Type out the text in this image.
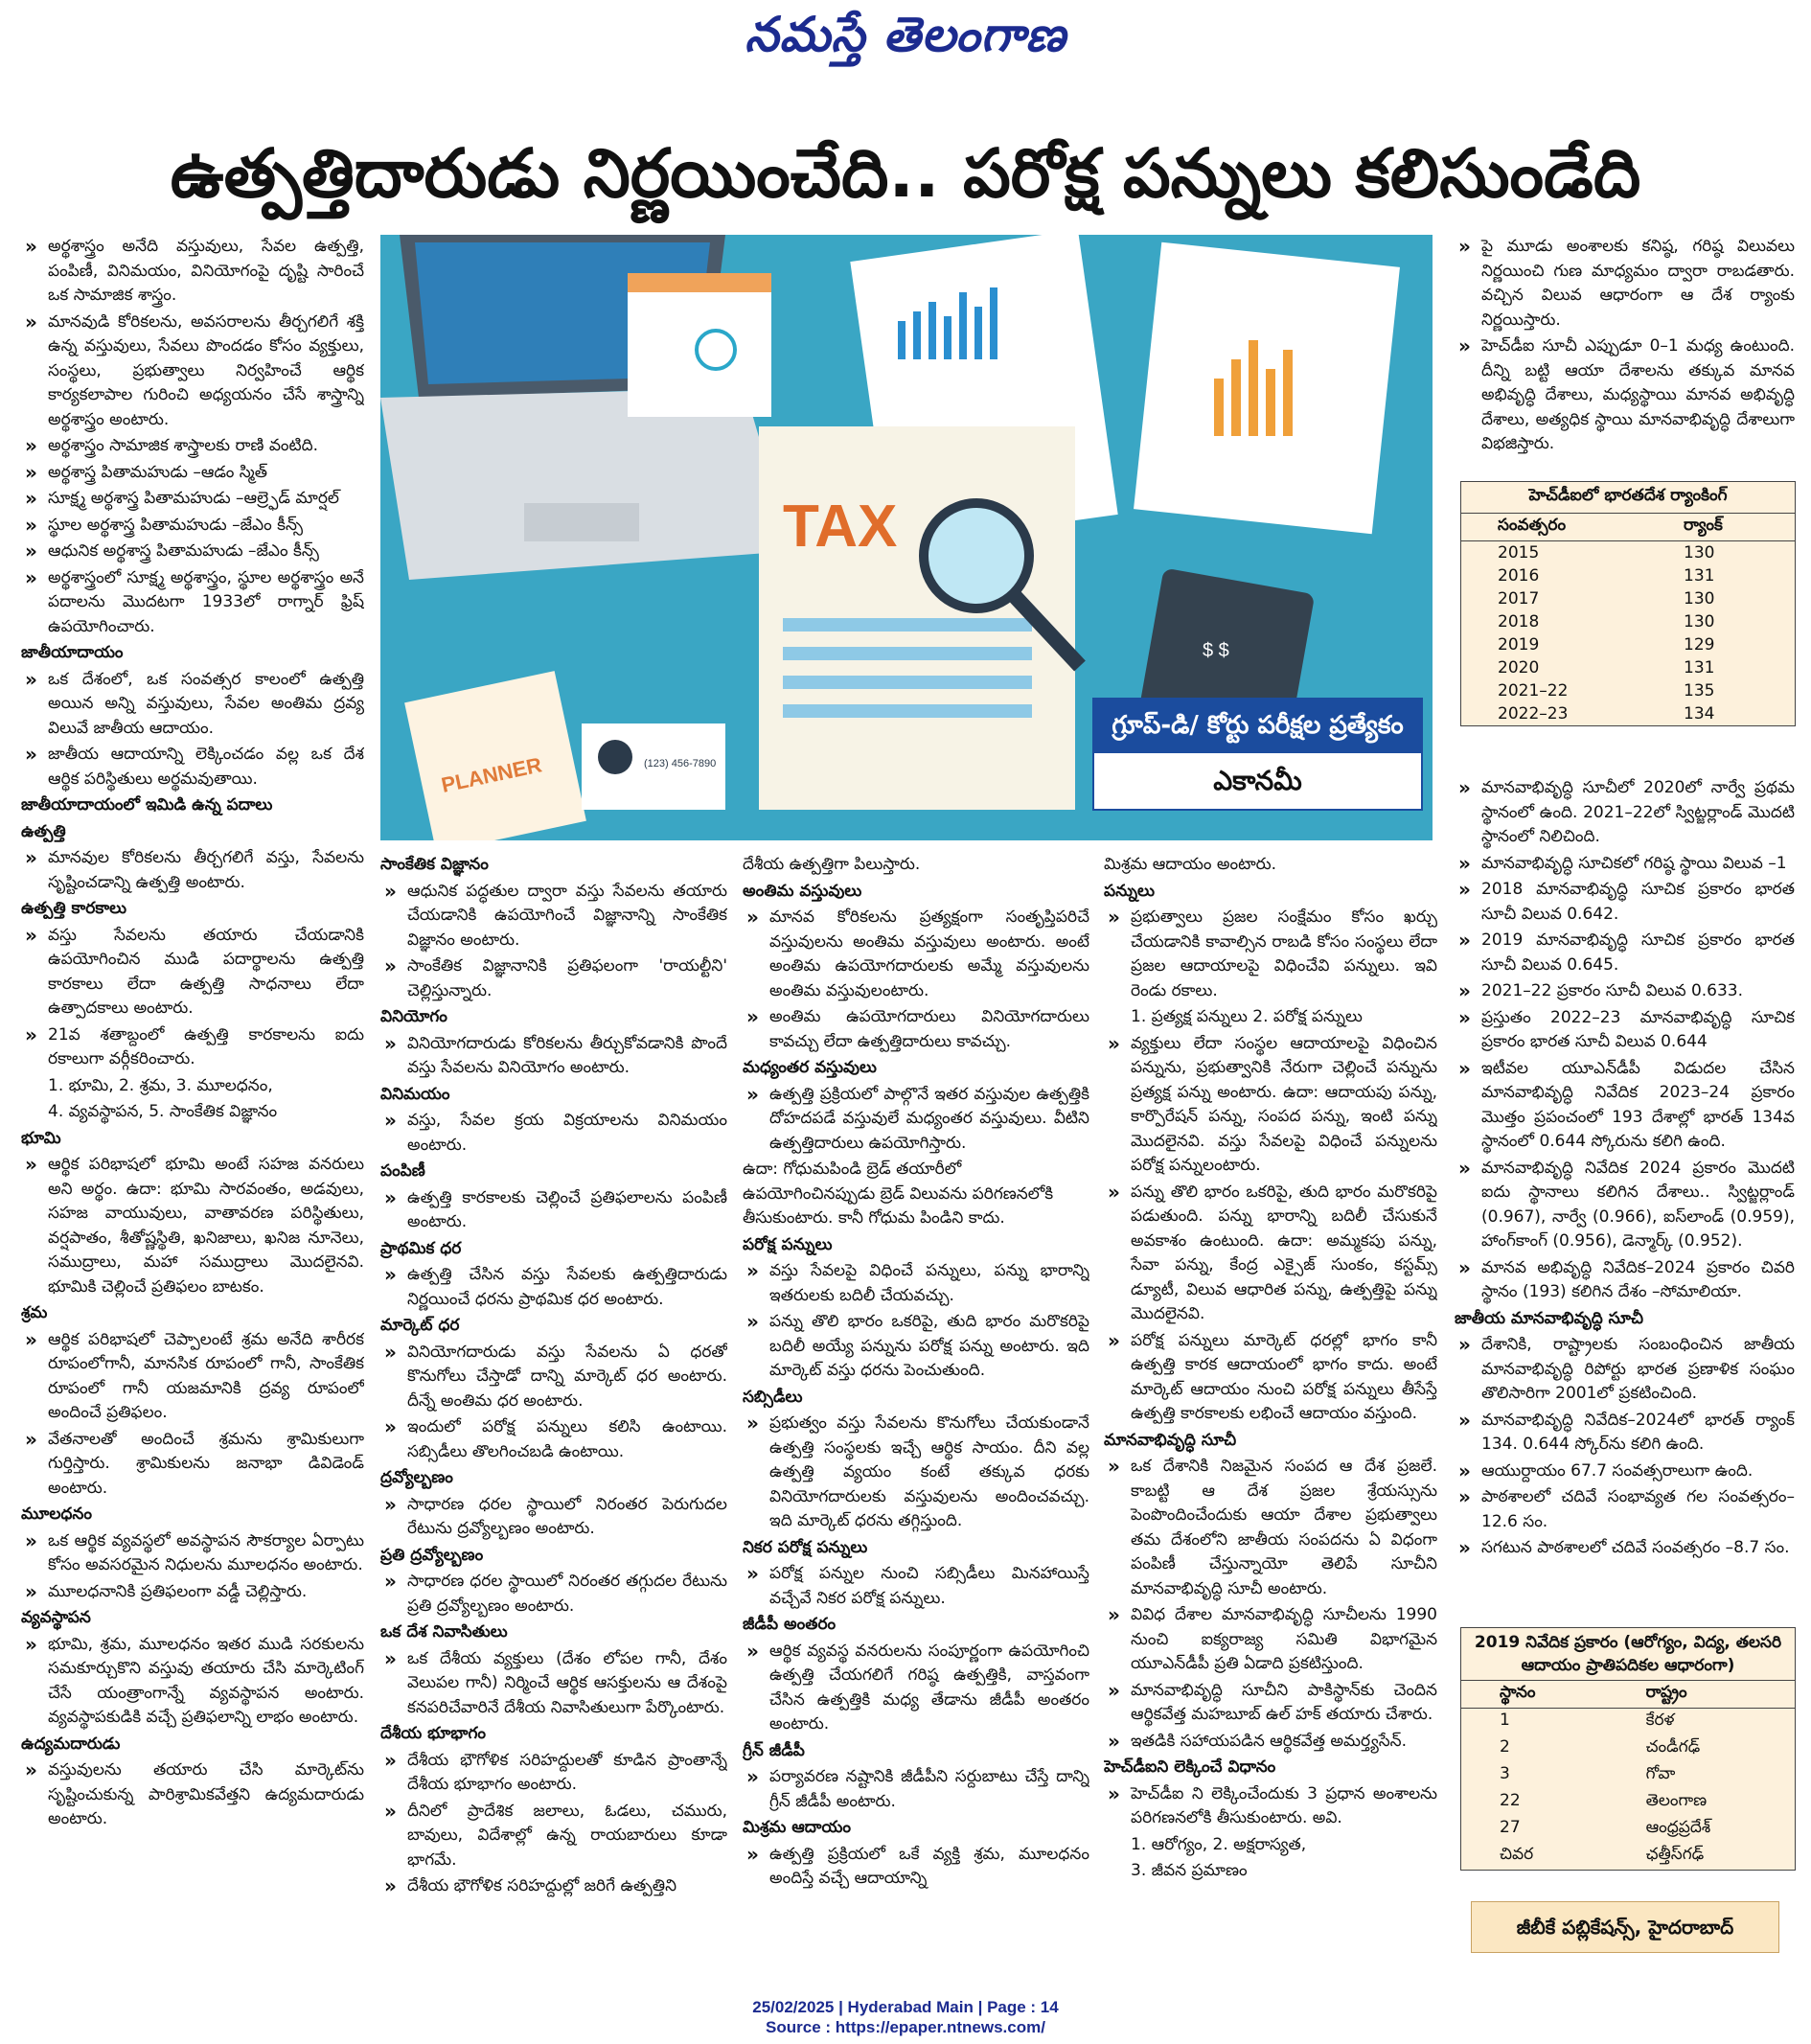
నమస్తే తెలంగాణ
ఉత్పత్తిదారుడు నిర్ణయించేది.. పరోక్ష పన్నులు కలిసుండేది

» అర్థశాస్త్రం అనేది వస్తువులు, సేవల ఉత్పత్తి, పంపిణీ, వినిమయం, వినియోగంపై దృష్టి సారించే ఒక సామాజిక శాస్త్రం.

» మానవుడి కోరికలను, అవసరాలను తీర్చగలిగే శక్తి ఉన్న వస్తువులు, సేవలు పొందడం కోసం వ్యక్తులు, సంస్థలు, ప్రభుత్వాలు నిర్వహించే ఆర్థిక కార్యకలాపాల గురించి అధ్యయనం చేసే శాస్త్రాన్ని అర్థశాస్త్రం అంటారు.

» అర్థశాస్త్రం సామాజిక శాస్త్రాలకు రాణి వంటిది.

» అర్థశాస్త్ర పితామహుడు –ఆడం స్మిత్‌

» సూక్ష్మ అర్థశాస్త్ర పితామహుడు –ఆల్ర్ఫెడ్‌ మార్షల్‌

» స్థూల అర్థశాస్త్ర పితామహుడు –జేఎం కీన్స్‌

» ఆధునిక అర్థశాస్త్ర పితామహుడు –జేఎం కీన్స్‌

» అర్థశాస్త్రంలో సూక్ష్మ అర్థశాస్త్రం, స్థూల అర్థశాస్త్రం అనే పదాలను మొదటగా 1933లో రాగ్నార్‌ ఫ్రిష్‌ ఉపయోగించారు.

జాతీయాదాయం

» ఒక దేశంలో, ఒక సంవత్సర కాలంలో ఉత్పత్తి అయిన అన్ని వస్తువులు, సేవల అంతిమ ద్రవ్య విలువే జాతీయ ఆదాయం.

» జాతీయ ఆదాయాన్ని లెక్కించడం వల్ల ఒక దేశ ఆర్థిక పరిస్థితులు అర్థమవుతాయి.

జాతీయాదాయంలో ఇమిడి ఉన్న పదాలు

ఉత్పత్తి

» మానవుల కోరికలను తీర్చగలిగే వస్తు, సేవలను సృష్టించడాన్ని ఉత్పత్తి అంటారు.

ఉత్పత్తి కారకాలు

» వస్తు సేవలను తయారు చేయడానికి ఉపయోగించిన ముడి పదార్థాలను ఉత్పత్తి కారకాలు లేదా ఉత్పత్తి సాధనాలు లేదా ఉత్పాదకాలు అంటారు.

» 21వ శతాబ్దంలో ఉత్పత్తి కారకాలను ఐదు రకాలుగా వర్గీకరించారు.

1. భూమి, 2. శ్రమ, 3. మూలధనం,

4. వ్యవస్థాపన, 5. సాంకేతిక విజ్ఞానం

భూమి

» ఆర్థిక పరిభాషలో భూమి అంటే సహజ వనరులు అని అర్థం. ఉదా: భూమి సారవంతం, అడవులు, సహజ వాయువులు, వాతావరణ పరిస్థితులు, వర్షపాతం, శీతోష్ణస్థితి, ఖనిజాలు, ఖనిజ నూనెలు, సముద్రాలు, మహా సముద్రాలు మొదలైనవి. భూమికి చెల్లించే ప్రతిఫలం బాటకం.

శ్రమ

» ఆర్థిక పరిభాషలో చెప్పాలంటే శ్రమ అనేది శారీరక రూపంలోగానీ, మానసిక రూపంలో గానీ, సాంకేతిక రూపంలో గానీ యజమానికి ద్రవ్య రూపంలో అందించే ప్రతిఫలం.

» వేతనాలతో అందించే శ్రమను శ్రామికులుగా గుర్తిస్తారు. శ్రామికులను జనాభా డివిడెండ్‌ అంటారు.

మూలధనం

» ఒక ఆర్థిక వ్యవస్థలో అవస్థాపన సౌకర్యాల ఏర్పాటు కోసం అవసరమైన నిధులను మూలధనం అంటారు.

» మూలధనానికి ప్రతిఫలంగా వడ్డీ చెల్లిస్తారు.

వ్యవస్థాపన

» భూమి, శ్రమ, మూలధనం ఇతర ముడి సరకులను సమకూర్చుకొని వస్తువు తయారు చేసి మార్కెటింగ్‌ చేసే యంత్రాంగాన్నే వ్యవస్థాపన అంటారు. వ్యవస్థాపకుడికి వచ్చే ప్రతిఫలాన్ని లాభం అంటారు.

ఉద్యమదారుడు

» వస్తువులను తయారు చేసి మార్కెట్‌ను సృష్టించుకున్న పారిశ్రామికవేత్తని ఉద్యమదారుడు అంటారు.

TAX
$ $
PLANNER	(123) 456-7890
గ్రూప్‌-డి/ కోర్టు పరీక్షల ప్రత్యేకం
ఎకానమీ

సాంకేతిక విజ్ఞానం

» ఆధునిక పద్ధతుల ద్వారా వస్తు సేవలను తయారు చేయడానికి ఉపయోగించే విజ్ఞానాన్ని సాంకేతిక విజ్ఞానం అంటారు.

» సాంకేతిక విజ్ఞానానికి ప్రతిఫలంగా 'రాయల్టీని' చెల్లిస్తున్నారు.

వినియోగం

» వినియోగదారుడు కోరికలను తీర్చుకోవడానికి పొందే వస్తు సేవలను వినియోగం అంటారు.

వినిమయం

» వస్తు, సేవల క్రయ విక్రయాలను వినిమయం అంటారు.

పంపిణీ

» ఉత్పత్తి కారకాలకు చెల్లించే ప్రతిఫలాలను పంపిణీ అంటారు.

ప్రాథమిక ధర

» ఉత్పత్తి చేసిన వస్తు సేవలకు ఉత్పత్తిదారుడు నిర్ణయించే ధరను ప్రాథమిక ధర అంటారు.

మార్కెట్‌ ధర

» వినియోగదారుడు వస్తు సేవలను ఏ ధరతో కొనుగోలు చేస్తాడో దాన్ని మార్కెట్‌ ధర అంటారు. దీన్నే అంతిమ ధర అంటారు.

» ఇందులో పరోక్ష పన్నులు కలిసి ఉంటాయి. సబ్సిడీలు తొలగించబడి ఉంటాయి.

ద్రవ్యోల్బణం

» సాధారణ ధరల స్థాయిలో నిరంతర పెరుగుదల రేటును ద్రవ్యోల్బణం అంటారు.

ప్రతి ద్రవ్యోల్బణం

» సాధారణ ధరల స్థాయిలో నిరంతర తగ్గుదల రేటును ప్రతి ద్రవ్యోల్బణం అంటారు.

ఒక దేశ నివాసితులు

» ఒక దేశీయ వ్యక్తులు (దేశం లోపల గానీ, దేశం వెలుపల గానీ) నిర్మించే ఆర్థిక ఆసక్తులను ఆ దేశంపై కనపరిచేవారినే దేశీయ నివాసితులుగా పేర్కొంటారు.

దేశీయ భూభాగం

» దేశీయ భౌగోళిక సరిహద్దులతో కూడిన ప్రాంతాన్నే దేశీయ భూభాగం అంటారు.

» దీనిలో ప్రాదేశిక జలాలు, ఓడలు, చమురు, బావులు, విదేశాల్లో ఉన్న రాయబారులు కూడా భాగమే.

» దేశీయ భౌగోళిక సరిహద్దుల్లో జరిగే ఉత్పత్తిని

దేశీయ ఉత్పత్తిగా పిలుస్తారు.

అంతిమ వస్తువులు

» మానవ కోరికలను ప్రత్యక్షంగా సంతృప్తిపరిచే వస్తువులను అంతిమ వస్తువులు అంటారు. అంటే అంతిమ ఉపయోగదారులకు అమ్మే వస్తువులను అంతిమ వస్తువులంటారు.

» అంతిమ ఉపయోగదారులు వినియోగదారులు కావచ్చు లేదా ఉత్పత్తిదారులు కావచ్చు.

మధ్యంతర వస్తువులు

» ఉత్పత్తి ప్రక్రియలో పాల్గొనే ఇతర వస్తువుల ఉత్పత్తికి దోహదపడే వస్తువులే మధ్యంతర వస్తువులు. వీటిని ఉత్పత్తిదారులు ఉపయోగిస్తారు.

ఉదా: గోధుమపిండి బ్రెడ్‌ తయారీలో ఉపయోగించినప్పుడు బ్రెడ్‌ విలువను పరిగణనలోకి తీసుకుంటారు. కానీ గోధుమ పిండిని కాదు.

పరోక్ష పన్నులు

» వస్తు సేవలపై విధించే పన్నులు, పన్ను భారాన్ని ఇతరులకు బదిలీ చేయవచ్చు.

» పన్ను తొలి భారం ఒకరిపై, తుది భారం మరొకరిపై బదిలీ అయ్యే పన్నును పరోక్ష పన్ను అంటారు. ఇది మార్కెట్‌ వస్తు ధరను పెంచుతుంది.

సబ్సిడీలు

» ప్రభుత్వం వస్తు సేవలను కొనుగోలు చేయకుండానే ఉత్పత్తి సంస్థలకు ఇచ్చే ఆర్థిక సాయం. దీని వల్ల ఉత్పత్తి వ్యయం కంటే తక్కువ ధరకు వినియోగదారులకు వస్తువులను అందించవచ్చు. ఇది మార్కెట్‌ ధరను తగ్గిస్తుంది.

నికర పరోక్ష పన్నులు

» పరోక్ష పన్నుల నుంచి సబ్సిడీలు మినహాయిస్తే వచ్చేవే నికర పరోక్ష పన్నులు.

జీడీపీ అంతరం

» ఆర్థిక వ్యవస్థ వనరులను సంపూర్ణంగా ఉపయోగించి ఉత్పత్తి చేయగలిగే గరిష్ఠ ఉత్పత్తికి, వాస్తవంగా చేసిన ఉత్పత్తికి మధ్య తేడాను జీడీపీ అంతరం అంటారు.

గ్రీన్‌ జీడీపీ

» పర్యావరణ నష్టానికి జీడీపీని సర్దుబాటు చేస్తే దాన్ని గ్రీన్‌ జీడీపీ అంటారు.

మిశ్రమ ఆదాయం

» ఉత్పత్తి ప్రక్రియలో ఒకే వ్యక్తి శ్రమ, మూలధనం అందిస్తే వచ్చే ఆదాయాన్ని

మిశ్రమ ఆదాయం అంటారు.

పన్నులు

» ప్రభుత్వాలు ప్రజల సంక్షేమం కోసం ఖర్చు చేయడానికి కావాల్సిన రాబడి కోసం సంస్థలు లేదా ప్రజల ఆదాయాలపై విధించేవి పన్నులు. ఇవి రెండు రకాలు.

1. ప్రత్యక్ష పన్నులు 2. పరోక్ష పన్నులు

» వ్యక్తులు లేదా సంస్థల ఆదాయాలపై విధించిన పన్నును, ప్రభుత్వానికి నేరుగా చెల్లించే పన్నును ప్రత్యక్ష పన్ను అంటారు. ఉదా: ఆదాయపు పన్ను, కార్పొరేషన్‌ పన్ను, సంపద పన్ను, ఇంటి పన్ను మొదలైనవి. వస్తు సేవలపై విధించే పన్నులను పరోక్ష పన్నులంటారు.

» పన్ను తొలి భారం ఒకరిపై, తుది భారం మరొకరిపై పడుతుంది. పన్ను భారాన్ని బదిలీ చేసుకునే అవకాశం ఉంటుంది. ఉదా: అమ్మకపు పన్ను, సేవా పన్ను, కేంద్ర ఎక్సైజ్‌ సుంకం, కస్టమ్స్‌ డ్యూటీ, విలువ ఆధారిత పన్ను, ఉత్పత్తిపై పన్ను మొదలైనవి.

» పరోక్ష పన్నులు మార్కెట్‌ ధరల్లో భాగం కానీ ఉత్పత్తి కారక ఆదాయంలో భాగం కాదు. అంటే మార్కెట్‌ ఆదాయం నుంచి పరోక్ష పన్నులు తీసేస్తే ఉత్పత్తి కారకాలకు లభించే ఆదాయం వస్తుంది.

మానవాభివృద్ధి సూచీ

» ఒక దేశానికి నిజమైన సంపద ఆ దేశ ప్రజలే. కాబట్టి ఆ దేశ ప్రజల శ్రేయస్సును పెంపొందించేందుకు ఆయా దేశాల ప్రభుత్వాలు తమ దేశంలోని జాతీయ సంపదను ఏ విధంగా పంపిణీ చేస్తున్నాయో తెలిపే సూచీని మానవాభివృద్ధి సూచీ అంటారు.

» వివిధ దేశాల మానవాభివృద్ధి సూచీలను 1990 నుంచి ఐక్యరాజ్య సమితి విభాగమైన యూఎన్‌డీపీ ప్రతి ఏడాది ప్రకటిస్తుంది.

» మానవాభివృద్ధి సూచీని పాకిస్థాన్‌కు చెందిన ఆర్థికవేత్త మహబూబ్‌ ఉల్‌ హక్‌ తయారు చేశారు.

» ఇతడికి సహాయపడిన ఆర్థికవేత్త అమర్త్యసేన్‌.

హెచ్‌డీఐని లెక్కించే విధానం

» హెచ్‌డీఐ ని లెక్కించేందుకు 3 ప్రధాన అంశాలను పరిగణనలోకి తీసుకుంటారు. అవి.

1. ఆరోగ్యం, 2. అక్షరాస్యత,

3. జీవన ప్రమాణం

» పై మూడు అంశాలకు కనిష్ఠ, గరిష్ఠ విలువలు నిర్ణయించి గుణ మాధ్యమం ద్వారా రాబడతారు. వచ్చిన విలువ ఆధారంగా ఆ దేశ ర్యాంకు నిర్ణయిస్తారు.

» హెచ్‌డీఐ సూచీ ఎప్పుడూ 0–1 మధ్య ఉంటుంది. దీన్ని బట్టి ఆయా దేశాలను తక్కువ మానవ అభివృద్ధి దేశాలు, మధ్యస్థాయి మానవ అభివృద్ధి దేశాలు, అత్యధిక స్థాయి మానవాభివృద్ధి దేశాలుగా విభజిస్తారు.

హెచ్‌డీఐలో భారతదేశ ర్యాంకింగ్‌
సంవత్సరం	ర్యాంక్‌
2015	130
2016	131
2017	130
2018	130
2019	129
2020	131
2021–22	135
2022–23	134

» మానవాభివృద్ధి సూచీలో 2020లో నార్వే ప్రథమ స్థానంలో ఉంది. 2021–22లో స్విట్జర్లాండ్‌ మొదటి స్థానంలో నిలిచింది.

» మానవాభివృద్ధి సూచికలో గరిష్ఠ స్థాయి విలువ –1

» 2018 మానవాభివృద్ధి సూచిక ప్రకారం భారత సూచీ విలువ 0.642.

» 2019 మానవాభివృద్ధి సూచిక ప్రకారం భారత సూచీ విలువ 0.645.

» 2021–22 ప్రకారం సూచీ విలువ 0.633.

» ప్రస్తుతం 2022–23 మానవాభివృద్ధి సూచిక ప్రకారం భారత సూచీ విలువ 0.644

» ఇటీవల యూఎన్‌డీపీ విడుదల చేసిన మానవాభివృద్ధి నివేదిక 2023–24 ప్రకారం మొత్తం ప్రపంచంలో 193 దేశాల్లో భారత్‌ 134వ స్థానంలో 0.644 స్కోరును కలిగి ఉంది.

» మానవాభివృద్ధి నివేదిక 2024 ప్రకారం మొదటి ఐదు స్థానాలు కలిగిన దేశాలు.. స్విట్జర్లాండ్‌ (0.967), నార్వే (0.966), ఐస్‌లాండ్‌ (0.959), హాంగ్‌కాంగ్‌ (0.956), డెన్మార్క్‌ (0.952).

» మానవ అభివృద్ధి నివేదిక–2024 ప్రకారం చివరి స్థానం (193) కలిగిన దేశం –సోమాలియా.

జాతీయ మానవాభివృద్ధి సూచీ

» దేశానికి, రాష్ట్రాలకు సంబంధించిన జాతీయ మానవాభివృద్ధి రిపోర్టు భారత ప్రణాళిక సంఘం తొలిసారిగా 2001లో ప్రకటించింది.

» మానవాభివృద్ధి నివేదిక–2024లో భారత్‌ ర్యాంక్‌ 134. 0.644 స్కోర్‌ను కలిగి ఉంది.

» ఆయుర్దాయం 67.7 సంవత్సరాలుగా ఉంది.

» పాఠశాలలో చదివే సంభావ్యత గల సంవత్సరం– 12.6 సం.

» సగటున పాఠశాలలో చదివే సంవత్సరం –8.7 సం.

2019 నివేదిక ప్రకారం (ఆరోగ్యం, విద్య, తలసరి ఆదాయం ప్రాతిపదికల ఆధారంగా)
స్థానం	రాష్ట్రం
1	కేరళ
2	చండీగఢ్‌
3	గోవా
22	తెలంగాణ
27	ఆంధ్రప్రదేశ్‌
చివర	ఛత్తీస్‌గఢ్‌
జీబీకే పబ్లికేషన్స్‌, హైదరాబాద్‌
25/02/2025 | Hyderabad Main | Page : 14
Source : https://epaper.ntnews.com/
